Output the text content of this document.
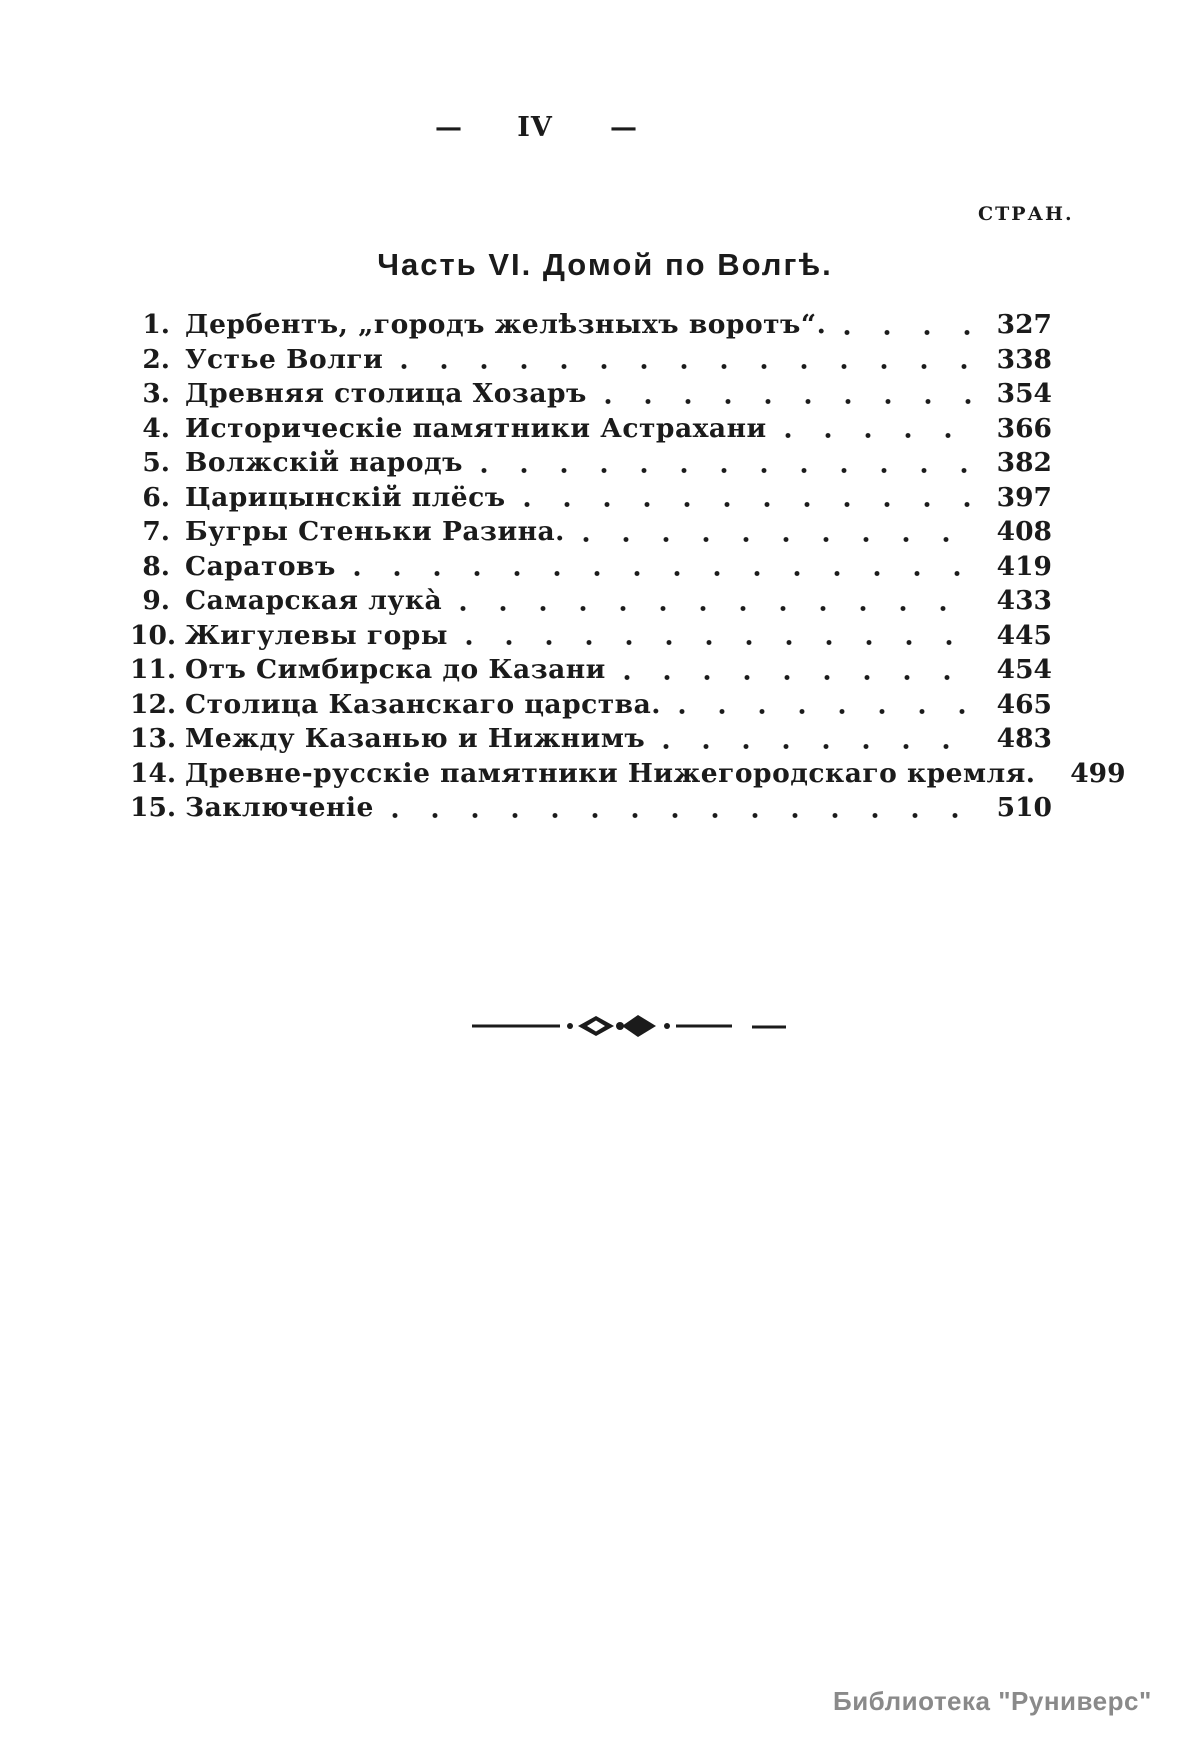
— IV —
СТРАН.
Часть VI. Домой по Волгѣ.
1. Дербентъ, „городъ желѣзныхъ воротъ“.	327
2. Устье Волги	338
3. Древняя столица Хозаръ	354
4. Историческіе памятники Астрахани	366
5. Волжскій народъ	382
6. Царицынскій плёсъ	397
7. Бугры Стеньки Разина.	408
8. Саратовъ	419
9. Самарская лука̀	433
10. Жигулевы горы	445
11. Отъ Симбирска до Казани	454
12. Столица Казанскаго царства.	465
13. Между Казанью и Нижнимъ	483
14. Древне-русскіе памятники Нижегородскаго кремля. 499
15. Заключеніе	510
Библиотека "Руниверс"
